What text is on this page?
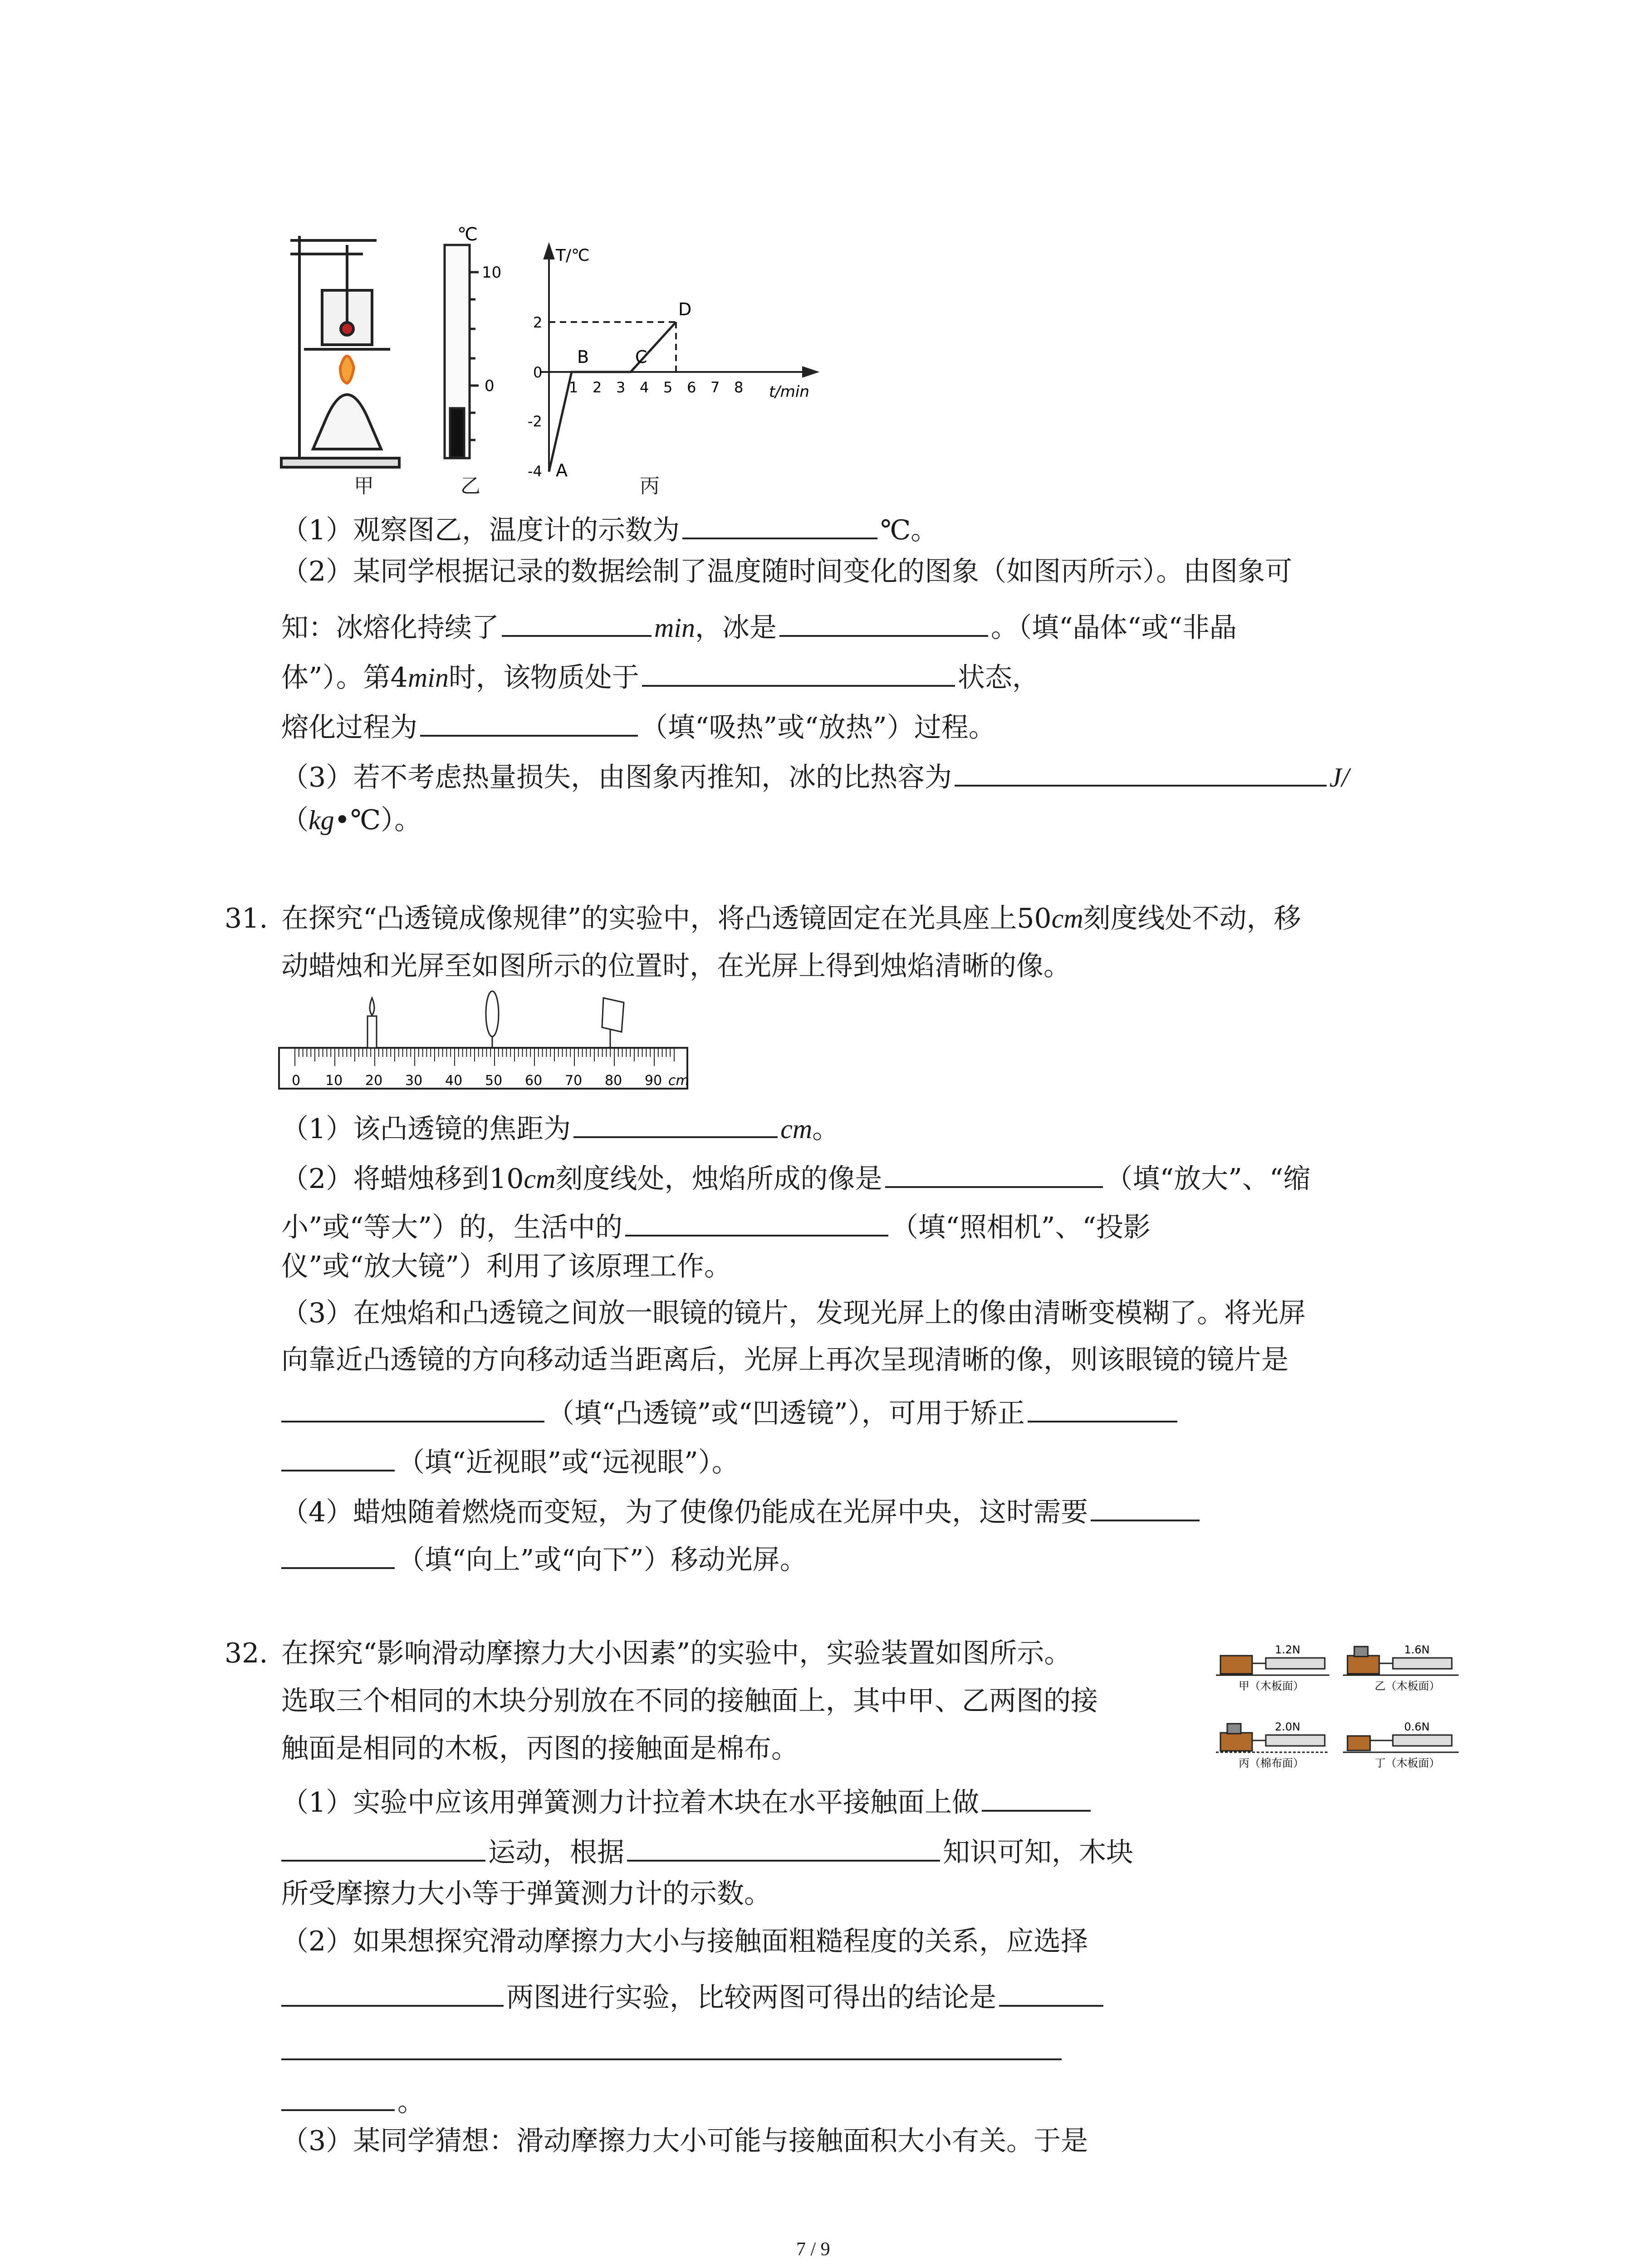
℃
10
0
T/℃
t/min
1 2 3 4 5 6 7 8
2
0
-2
-4 A
B	C
D
甲	乙	丙
（1）观察图乙，温度计的示数为	℃。
（2）某同学根据记录的数据绘制了温度随时间变化的图象（如图丙所示）。由图象可
知：冰熔化持续了	min，冰是	。（填“晶体“或“非晶
体”）。第4min时，该物质处于	状态，
熔化过程为	（填“吸热”或“放热”）过程。
（3）若不考虑热量损失，由图象丙推知，冰的比热容为	J/
（kg•℃）。
31. 在探究“凸透镜成像规律”的实验中，将凸透镜固定在光具座上50cm刻度线处不动，移
动蜡烛和光屏至如图所示的位置时，在光屏上得到烛焰清晰的像。
0 10 20 30 40 50 60 70 80 90 cm
（1）该凸透镜的焦距为	cm。
（2）将蜡烛移到10cm刻度线处，烛焰所成的像是	（填“放大”、“缩
小”或“等大”）的，生活中的	（填“照相机”、“投影
仪”或“放大镜”）利用了该原理工作。
（3）在烛焰和凸透镜之间放一眼镜的镜片，发现光屏上的像由清晰变模糊了。将光屏
向靠近凸透镜的方向移动适当距离后，光屏上再次呈现清晰的像，则该眼镜的镜片是
（填“凸透镜”或“凹透镜”），可用于矫正
（填“近视眼”或“远视眼”）。
（4）蜡烛随着燃烧而变短，为了使像仍能成在光屏中央，这时需要
（填“向上”或“向下”）移动光屏。
32. 在探究“影响滑动摩擦力大小因素”的实验中，实验装置如图所示。
选取三个相同的木块分别放在不同的接触面上，其中甲、乙两图的接
触面是相同的木板，丙图的接触面是棉布。
1.2N
甲（木板面）
1.6N
乙（木板面）
2.0N
丙（棉布面）
0.6N
丁（木板面）
（1）实验中应该用弹簧测力计拉着木块在水平接触面上做
运动，根据	知识可知，木块
所受摩擦力大小等于弹簧测力计的示数。
（2）如果想探究滑动摩擦力大小与接触面粗糙程度的关系，应选择
两图进行实验，比较两图可得出的结论是
。
（3）某同学猜想：滑动摩擦力大小可能与接触面积大小有关。于是
7 / 9
